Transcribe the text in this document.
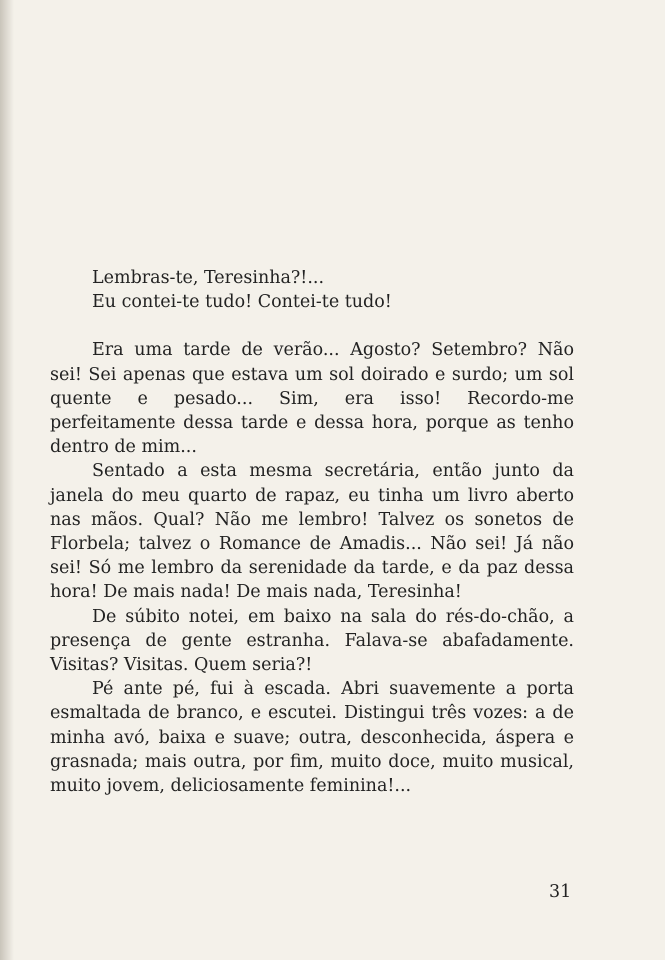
Lembras-te, Teresinha?!...

Eu contei-te tudo! Contei-te tudo!

Era uma tarde de verão... Agosto? Setembro? Não sei! Sei apenas que estava um sol doirado e surdo; um sol quente e pesado... Sim, era isso! Recordo-me perfeitamente dessa tarde e dessa hora, porque as tenho dentro de mim...

Sentado a esta mesma secretária, então junto da janela do meu quarto de rapaz, eu tinha um livro aberto nas mãos. Qual? Não me lembro! Talvez os sonetos de Florbela; talvez o Romance de Amadis... Não sei! Já não sei! Só me lembro da serenidade da tarde, e da paz dessa hora! De mais nada! De mais nada, Teresinha!

De súbito notei, em baixo na sala do rés-do-chão, a presença de gente estranha. Falava-se abafadamente. Visitas? Visitas. Quem seria?!

Pé ante pé, fui à escada. Abri suavemente a porta esmaltada de branco, e escutei. Distingui três vozes: a de minha avó, baixa e suave; outra, desconhecida, áspera e grasnada; mais outra, por fim, muito doce, muito musical, muito jovem, deliciosamente feminina!...

31
